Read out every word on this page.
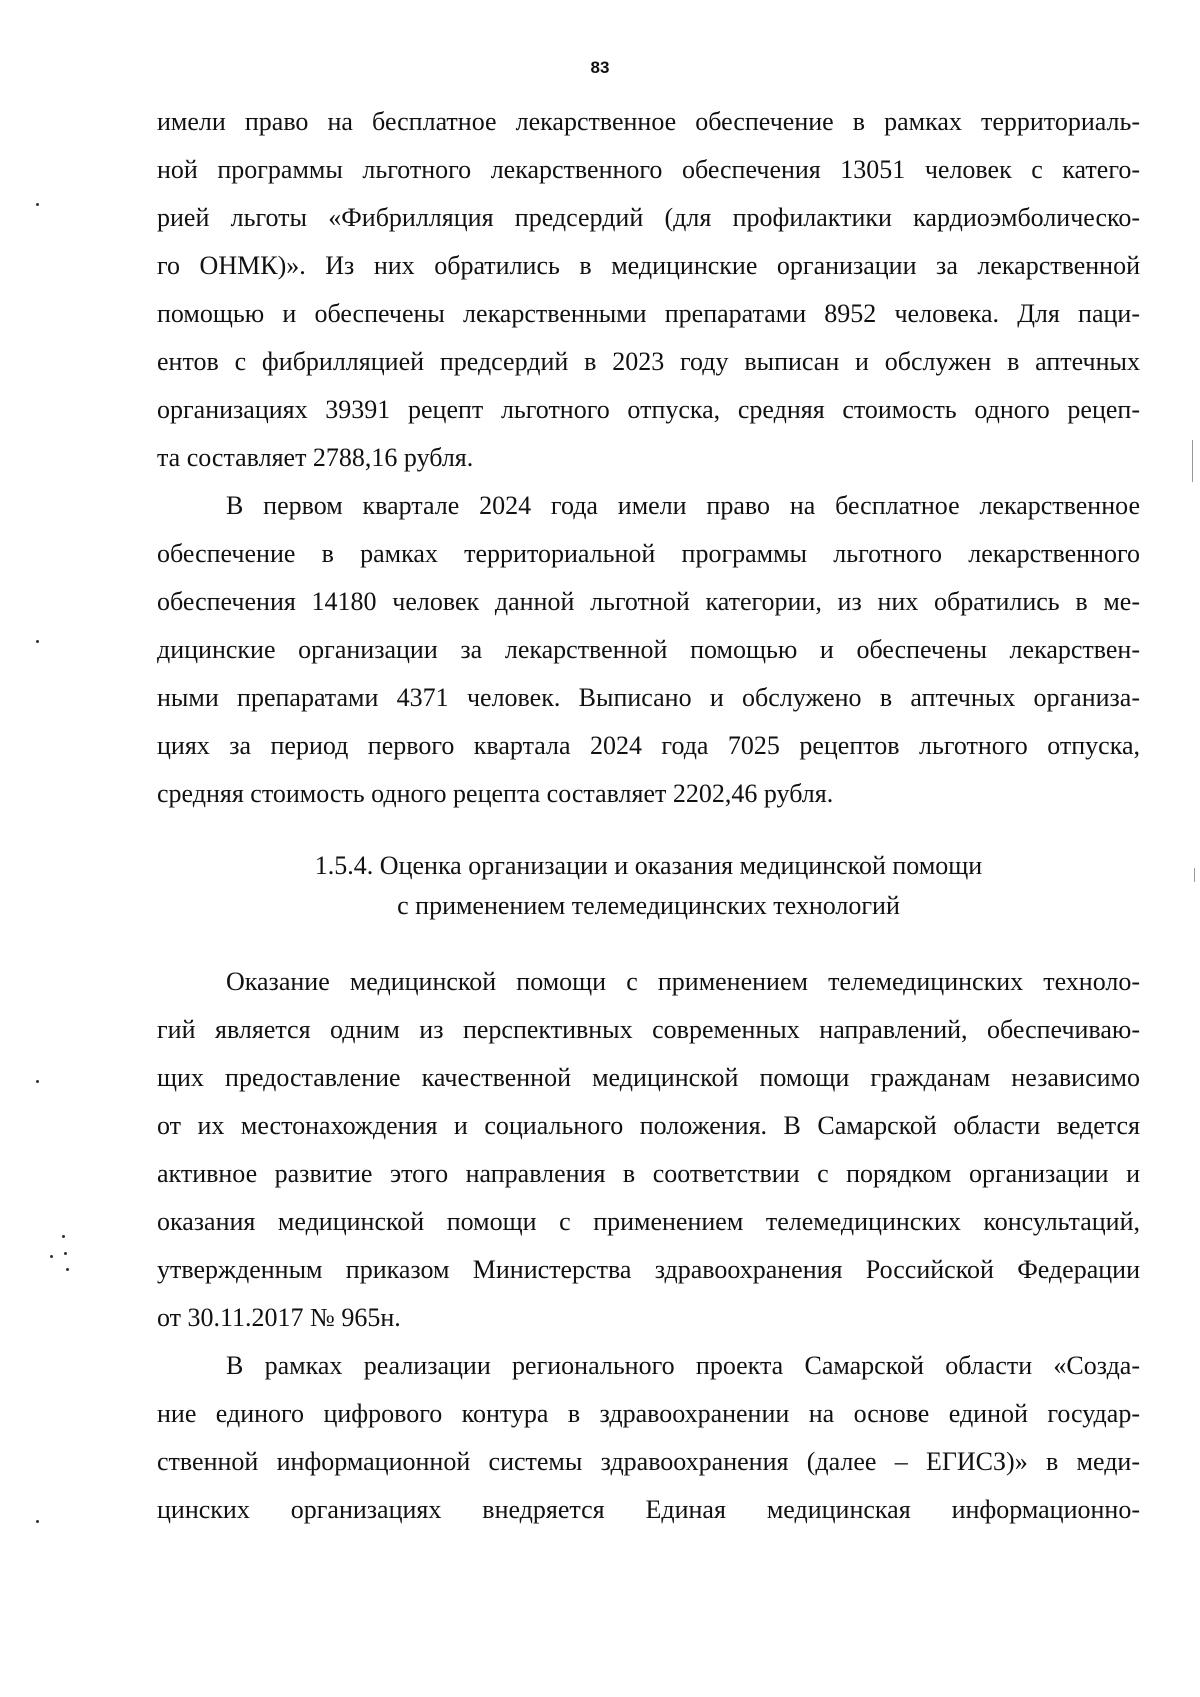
83
имели право на бесплатное лекарственное обеспечение в рамках территориаль-
ной программы льготного лекарственного обеспечения 13051 человек с катего-
рией льготы «Фибрилляция предсердий (для профилактики кардиоэмболическо-
го ОНМК)». Из них обратились в медицинские организации за лекарственной
помощью и обеспечены лекарственными препаратами 8952 человека. Для паци-
ентов с фибрилляцией предсердий в 2023 году выписан и обслужен в аптечных
организациях 39391 рецепт льготного отпуска, средняя стоимость одного рецеп-
та составляет 2788,16 рубля.
В первом квартале 2024 года имели право на бесплатное лекарственное
обеспечение в рамках территориальной программы льготного лекарственного
обеспечения 14180 человек данной льготной категории, из них обратились в ме-
дицинские организации за лекарственной помощью и обеспечены лекарствен-
ными препаратами 4371 человек. Выписано и обслужено в аптечных организа-
циях за период первого квартала 2024 года 7025 рецептов льготного отпуска,
средняя стоимость одного рецепта составляет 2202,46 рубля.
1.5.4. Оценка организации и оказания медицинской помощи
с применением телемедицинских технологий
Оказание медицинской помощи с применением телемедицинских техноло-
гий является одним из перспективных современных направлений, обеспечиваю-
щих предоставление качественной медицинской помощи гражданам независимо
от их местонахождения и социального положения. В Самарской области ведется
активное развитие этого направления в соответствии с порядком организации и
оказания медицинской помощи с применением телемедицинских консультаций,
утвержденным приказом Министерства здравоохранения Российской Федерации
от 30.11.2017 № 965н.
В рамках реализации регионального проекта Самарской области «Созда-
ние единого цифрового контура в здравоохранении на основе единой государ-
ственной информационной системы здравоохранения (далее – ЕГИСЗ)» в меди-
цинских организациях внедряется Единая медицинская информационно-
